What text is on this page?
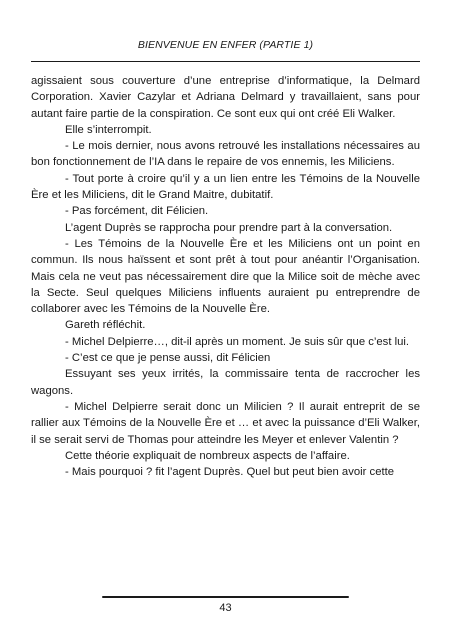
BIENVENUE EN ENFER (PARTIE 1)

agissaient sous couverture d’une entreprise d’informatique, la Delmard Corporation. Xavier Cazylar et Adriana Delmard y travaillaient, sans pour autant faire partie de la conspiration. Ce sont eux qui ont créé Eli Walker.

Elle s’interrompit.

- Le mois dernier, nous avons retrouvé les installations nécessaires au bon fonctionnement de l’IA dans le repaire de vos ennemis, les Miliciens.

- Tout porte à croire qu’il y a un lien entre les Témoins de la Nouvelle Ère et les Miliciens, dit le Grand Maitre, dubitatif.

- Pas forcément, dit Félicien.

L’agent Duprès se rapprocha pour prendre part à la conversation.

- Les Témoins de la Nouvelle Ère et les Miliciens ont un point en commun. Ils nous haïssent et sont prêt à tout pour anéantir l’Organisation. Mais cela ne veut pas nécessairement dire que la Milice soit de mèche avec la Secte. Seul quelques Miliciens influents auraient pu entreprendre de collaborer avec les Témoins de la Nouvelle Ère.

Gareth réfléchit.

- Michel Delpierre…, dit-il après un moment. Je suis sûr que c’est lui.

- C’est ce que je pense aussi, dit Félicien

Essuyant ses yeux irrités, la commissaire tenta de raccrocher les wagons.

- Michel Delpierre serait donc un Milicien ? Il aurait entreprit de se rallier aux Témoins de la Nouvelle Ère et … et avec la puissance d’Eli Walker, il se serait servi de Thomas pour atteindre les Meyer et enlever Valentin ?

Cette théorie expliquait de nombreux aspects de l’affaire.

- Mais pourquoi ? fit l’agent Duprès. Quel but peut bien avoir cette

43
